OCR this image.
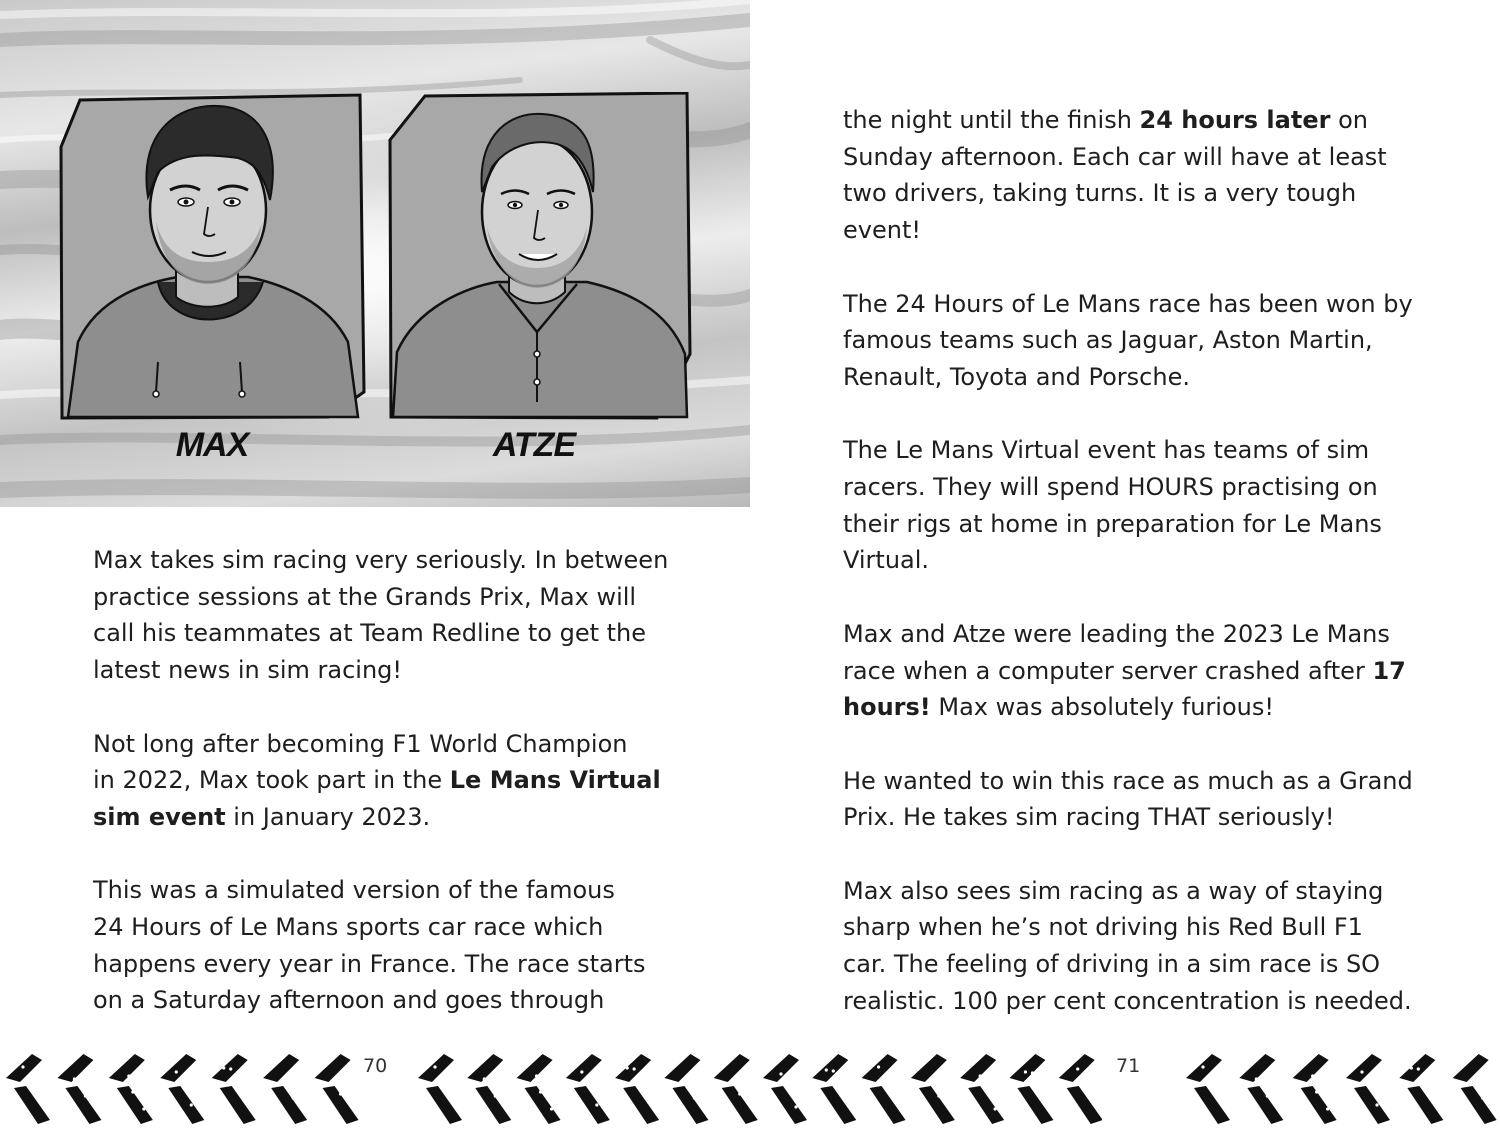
MAX	ATZE

Max takes sim racing very seriously. In between
practice sessions at the Grands Prix, Max will
call his teammates at Team Redline to get the
latest news in sim racing!

Not long after becoming F1 World Champion
in 2022, Max took part in the Le Mans Virtual
sim event in January 2023.

This was a simulated version of the famous
24 Hours of Le Mans sports car race which
happens every year in France. The race starts
on a Saturday afternoon and goes through

the night until the finish 24 hours later on
Sunday afternoon. Each car will have at least
two drivers, taking turns. It is a very tough
event!

The 24 Hours of Le Mans race has been won by
famous teams such as Jaguar, Aston Martin,
Renault, Toyota and Porsche.

The Le Mans Virtual event has teams of sim
racers. They will spend HOURS practising on
their rigs at home in preparation for Le Mans
Virtual.

Max and Atze were leading the 2023 Le Mans
race when a computer server crashed after 17
hours! Max was absolutely furious!

He wanted to win this race as much as a Grand
Prix. He takes sim racing THAT seriously!

Max also sees sim racing as a way of staying
sharp when he’s not driving his Red Bull F1
car. The feeling of driving in a sim race is SO
realistic. 100 per cent concentration is needed.

70	71
